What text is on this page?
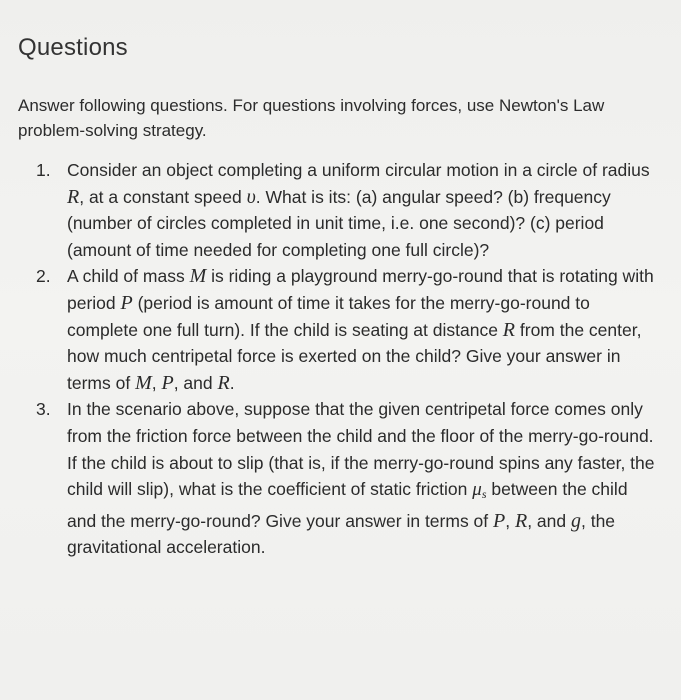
Questions
Answer following questions. For questions involving forces, use Newton's Law problem-solving strategy.
1. Consider an object completing a uniform circular motion in a circle of radius R, at a constant speed υ. What is its: (a) angular speed? (b) frequency (number of circles completed in unit time, i.e. one second)? (c) period (amount of time needed for completing one full circle)?
2. A child of mass M is riding a playground merry-go-round that is rotating with period P (period is amount of time it takes for the merry-go-round to complete one full turn). If the child is seating at distance R from the center, how much centripetal force is exerted on the child? Give your answer in terms of M, P, and R.
3. In the scenario above, suppose that the given centripetal force comes only from the friction force between the child and the floor of the merry-go-round. If the child is about to slip (that is, if the merry-go-round spins any faster, the child will slip), what is the coefficient of static friction $\mu_s$ between the child and the merry-go-round? Give your answer in terms of P, R, and g, the gravitational acceleration.
